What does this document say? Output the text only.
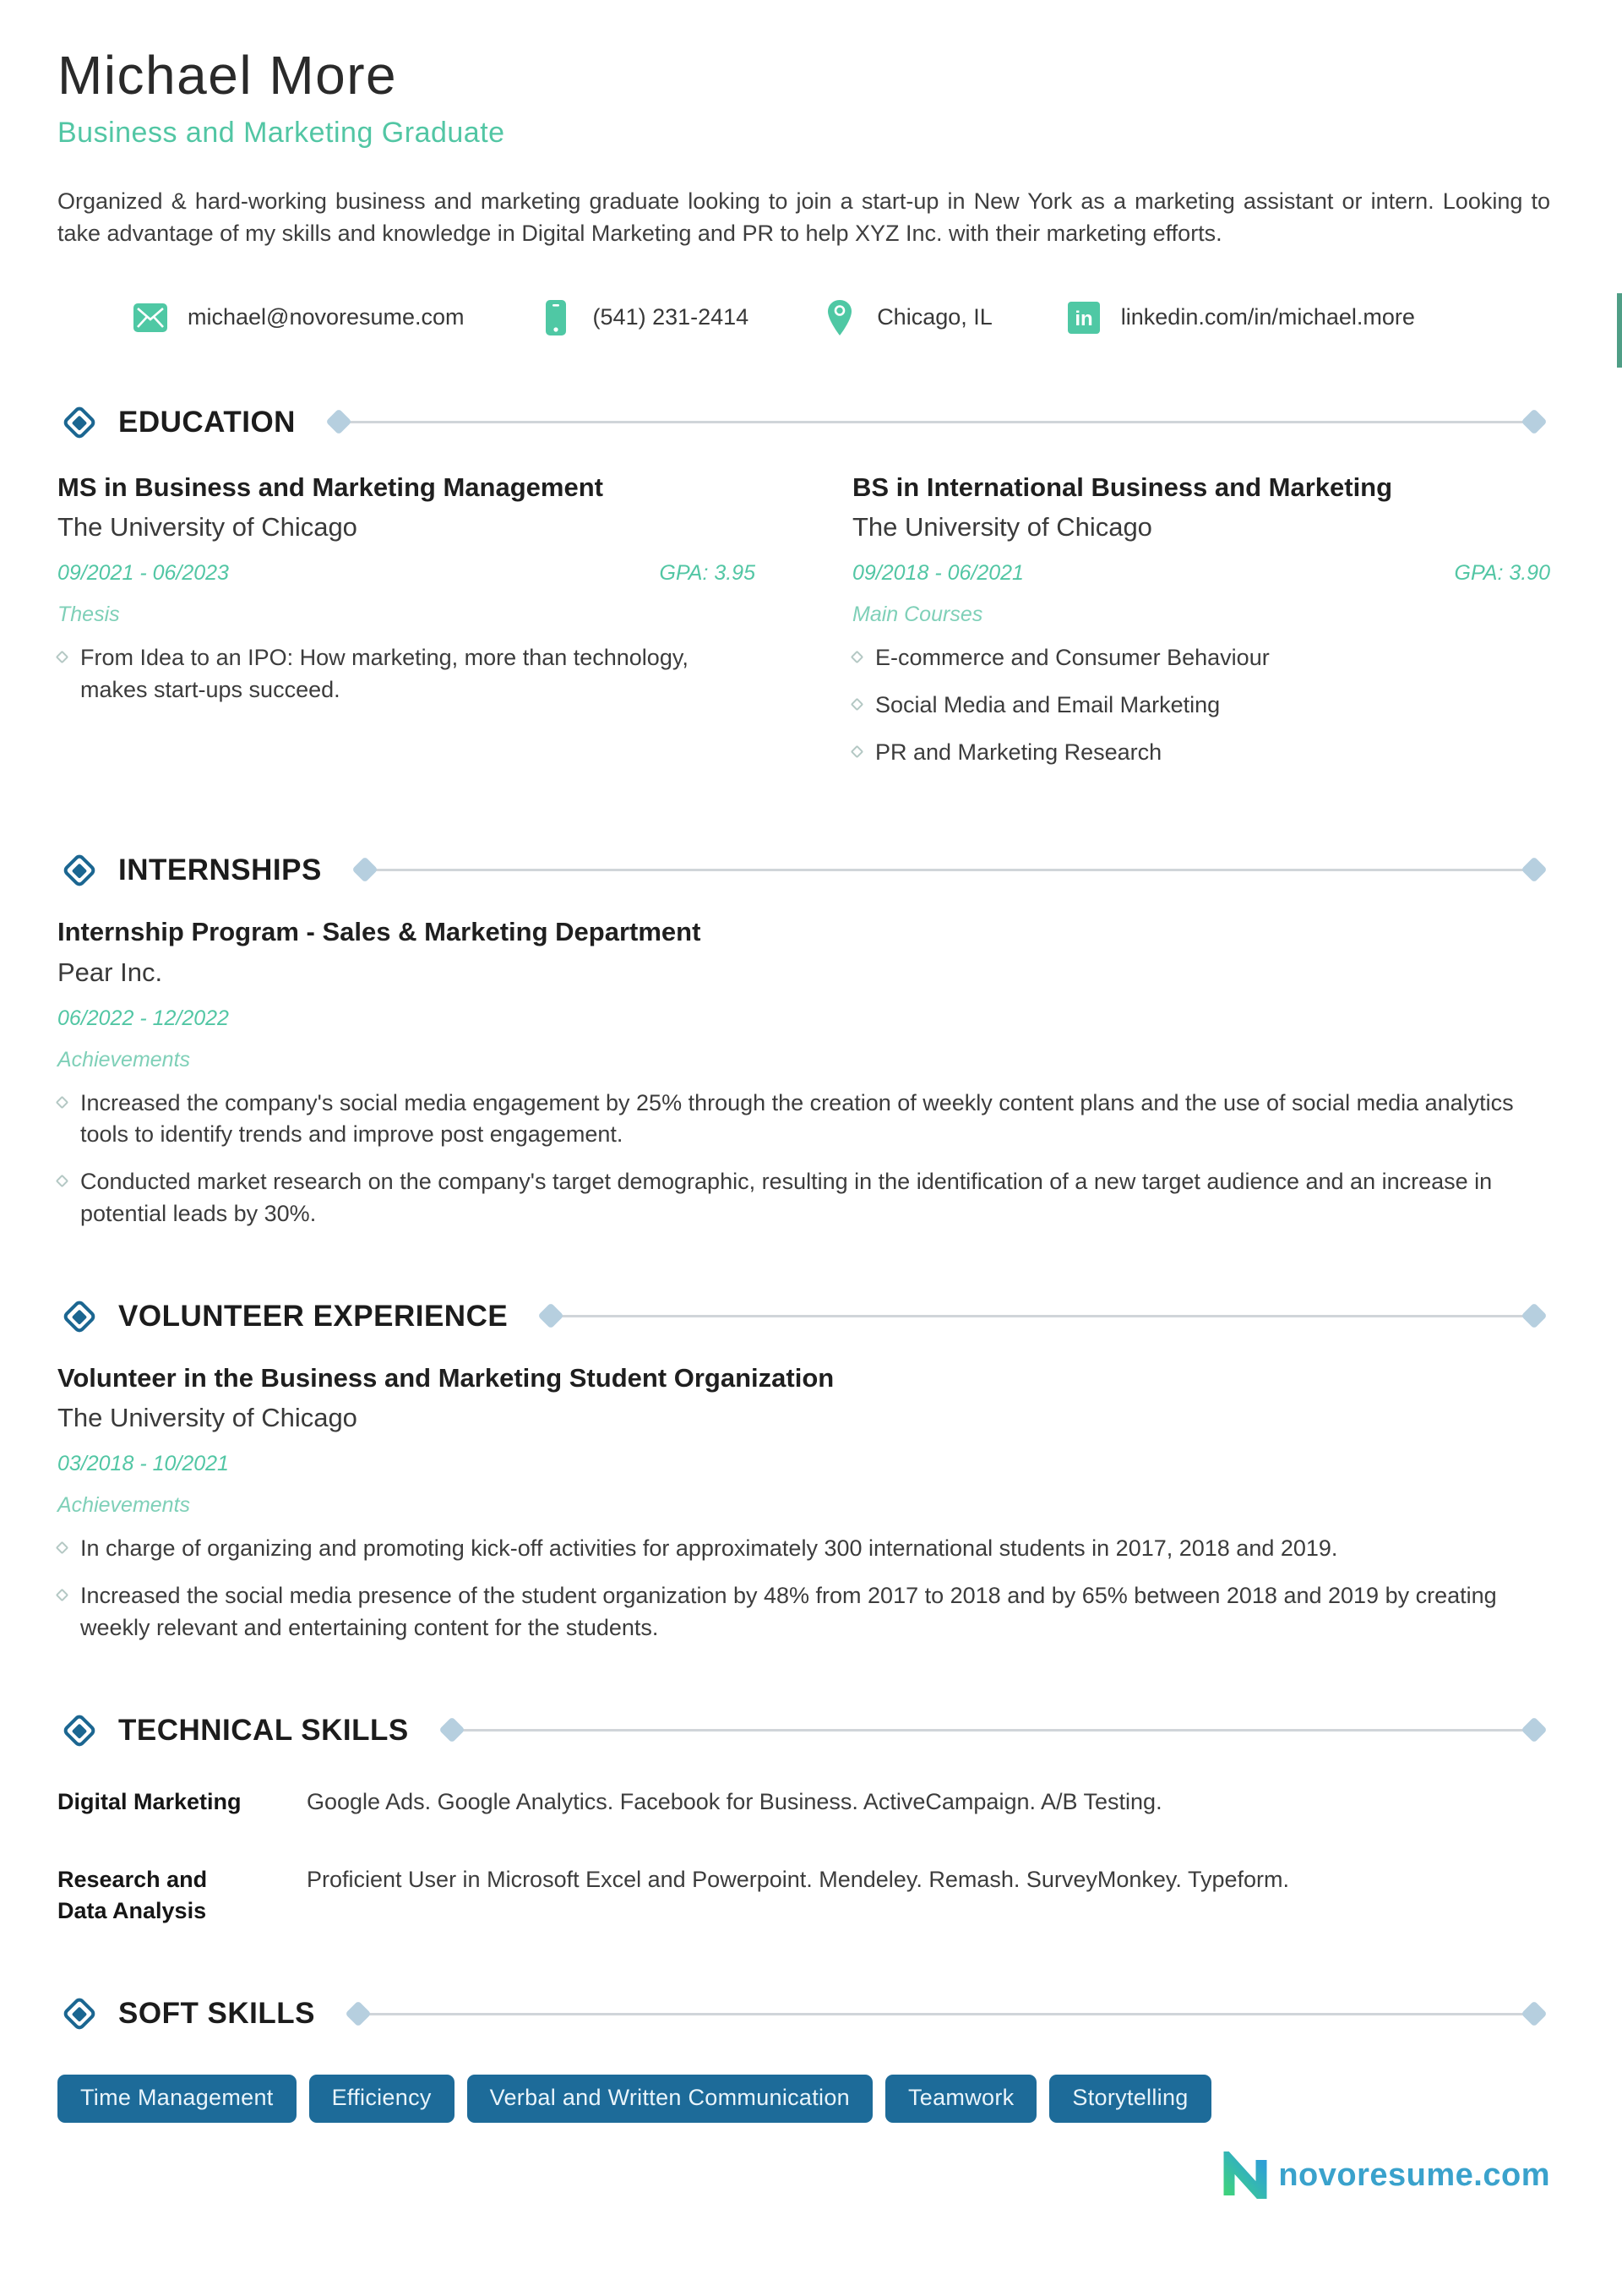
Michael More
Business and Marketing Graduate

Organized & hard-working business and marketing graduate looking to join a start-up in New York as a marketing assistant or intern. Looking to take advantage of my skills and knowledge in Digital Marketing and PR to help XYZ Inc. with their marketing efforts.

michael@novoresume.com	(541) 231-2414	Chicago, IL	in linkedin.com/in/michael.more
EDUCATION
MS in Business and Marketing Management
The University of Chicago
09/2021 - 06/2023	GPA: 3.95
Thesis
From Idea to an IPO: How marketing, more than technology, makes start-ups succeed.
BS in International Business and Marketing
The University of Chicago
09/2018 - 06/2021	GPA: 3.90
Main Courses
E-commerce and Consumer Behaviour
Social Media and Email Marketing
PR and Marketing Research
INTERNSHIPS
Internship Program - Sales & Marketing Department
Pear Inc.
06/2022 - 12/2022
Achievements
Increased the company's social media engagement by 25% through the creation of weekly content plans and the use of social media analytics tools to identify trends and improve post engagement.
Conducted market research on the company's target demographic, resulting in the identification of a new target audience and an increase in potential leads by 30%.
VOLUNTEER EXPERIENCE
Volunteer in the Business and Marketing Student Organization
The University of Chicago
03/2018 - 10/2021
Achievements
In charge of organizing and promoting kick-off activities for approximately 300 international students in 2017, 2018 and 2019.
Increased the social media presence of the student organization by 48% from 2017 to 2018 and by 65% between 2018 and 2019 by creating weekly relevant and entertaining content for the students.
TECHNICAL SKILLS
Digital Marketing	Google Ads. Google Analytics. Facebook for Business. ActiveCampaign. A/B Testing.
Research and Data Analysis
Proficient User in Microsoft Excel and Powerpoint. Mendeley. Remash. SurveyMonkey. Typeform.
SOFT SKILLS
Time Management	Efficiency	Verbal and Written Communication	Teamwork	Storytelling
novoresume.com
